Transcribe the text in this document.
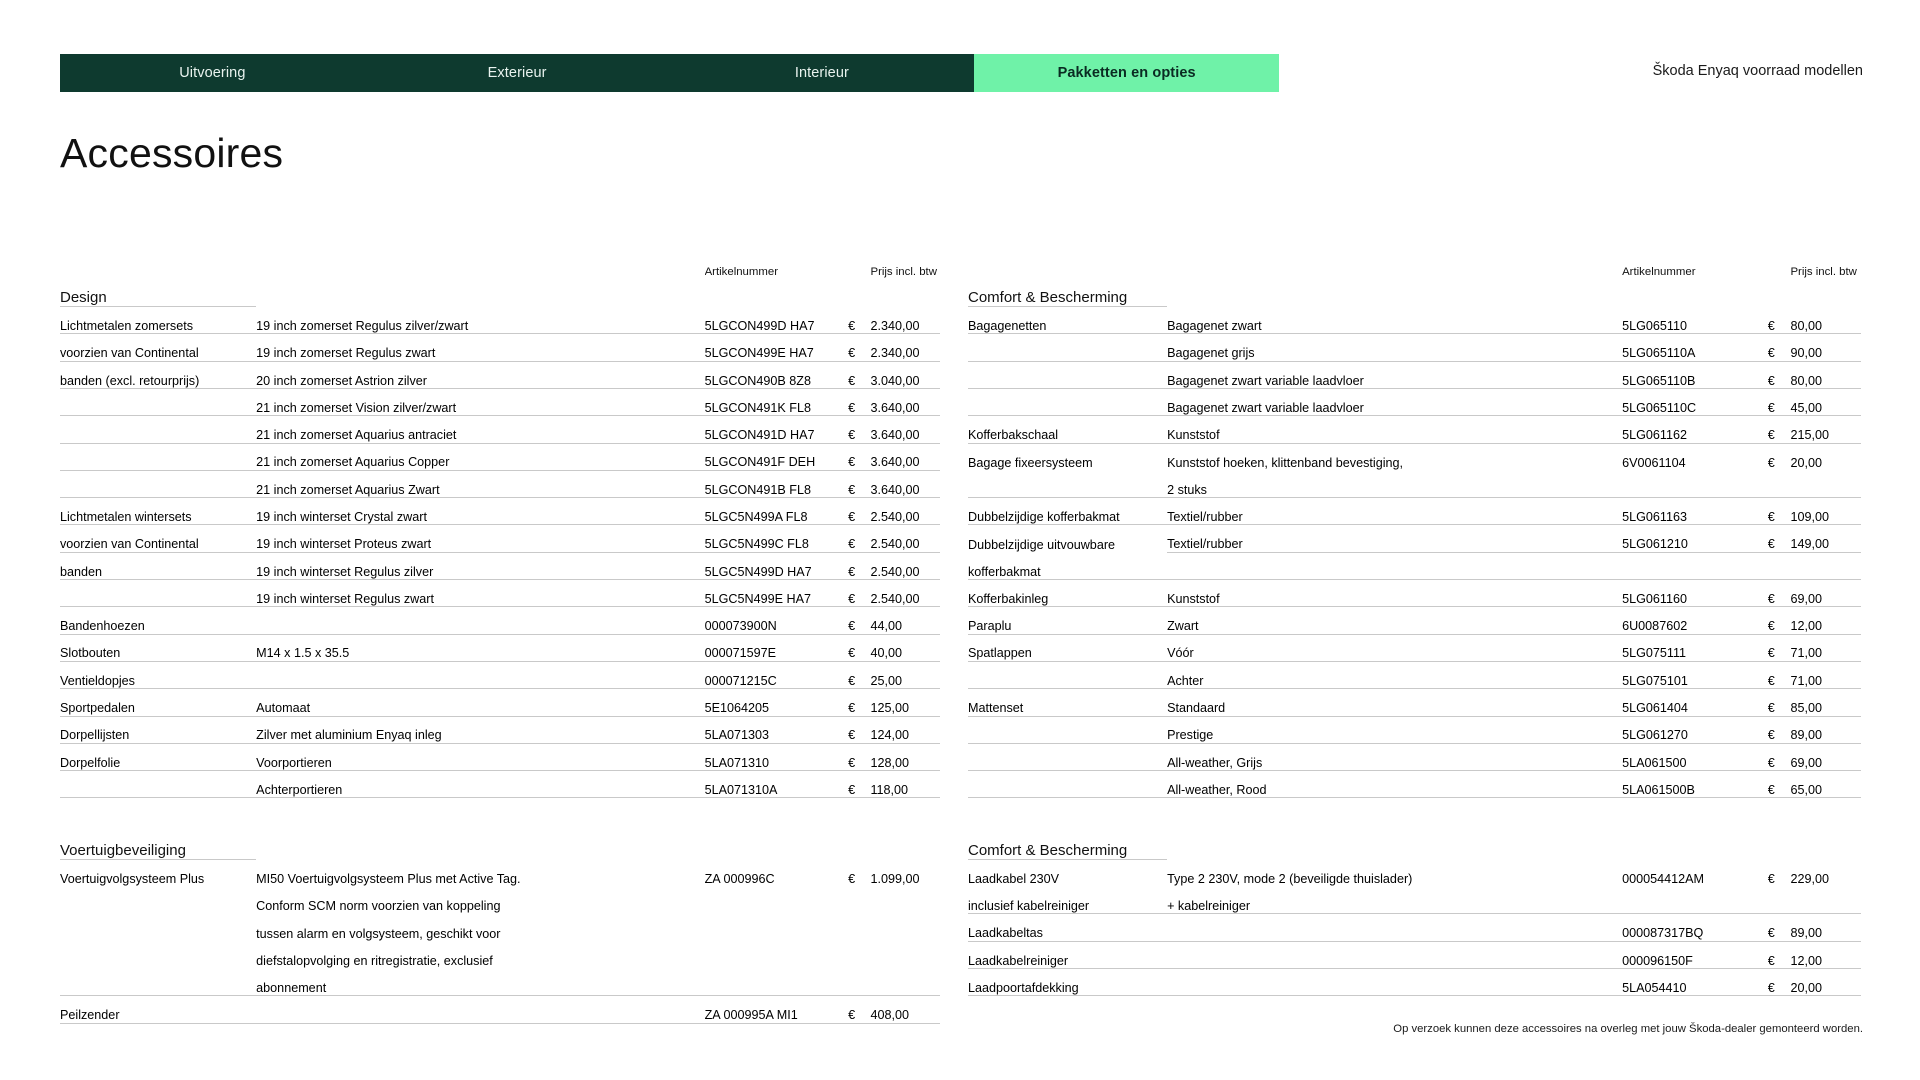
Uitvoering	Exterieur	Interieur	Pakketten en opties	Škoda Enyaq voorraad modellen
Accessoires
			Artikelnummer		Prijs incl. btw
Design					
Lichtmetalen zomersets	19 inch zomerset Regulus zilver/zwart		5LGCON499D HA7	€	2.340,00
voorzien van Continental	19 inch zomerset Regulus zwart		5LGCON499E HA7	€	2.340,00
banden (excl. retourprijs)	20 inch zomerset Astrion zilver		5LGCON490B 8Z8	€	3.040,00
	21 inch zomerset Vision zilver/zwart		5LGCON491K FL8	€	3.640,00
	21 inch zomerset Aquarius antraciet		5LGCON491D HA7	€	3.640,00
	21 inch zomerset Aquarius Copper		5LGCON491F DEH	€	3.640,00
	21 inch zomerset Aquarius Zwart		5LGCON491B FL8	€	3.640,00
Lichtmetalen wintersets	19 inch winterset Crystal zwart		5LGC5N499A FL8	€	2.540,00
voorzien van Continental	19 inch winterset Proteus zwart		5LGC5N499C FL8	€	2.540,00
banden	19 inch winterset Regulus zilver		5LGC5N499D HA7	€	2.540,00
	19 inch winterset Regulus zwart		5LGC5N499E HA7	€	2.540,00
Bandenhoezen			000073900N	€	44,00
Slotbouten	M14 x 1.5 x 35.5		000071597E	€	40,00
Ventieldopjes			000071215C	€	25,00
Sportpedalen	Automaat		5E1064205	€	125,00
Dorpellijsten	Zilver met aluminium Enyaq inleg		5LA071303	€	124,00
Dorpelfolie	Voorportieren		5LA071310	€	128,00
	Achterportieren		5LA071310A	€	118,00
Voertuigbeveiliging					
Voertuigvolgsysteem Plus	MI50 Voertuigvolgsysteem Plus met Active Tag.		ZA 000996C	€	1.099,00
	Conform SCM norm voorzien van koppeling				
	tussen alarm en volgsysteem, geschikt voor				
	diefstalopvolging en ritregistratie, exclusief				
	abonnement				
Peilzender			ZA 000995A MI1	€	408,00
			Artikelnummer		Prijs incl. btw
Comfort & Bescherming					
Bagagenetten	Bagagenet zwart		5LG065110	€	80,00
	Bagagenet grijs		5LG065110A	€	90,00
	Bagagenet zwart variable laadvloer		5LG065110B	€	80,00
	Bagagenet zwart variable laadvloer		5LG065110C	€	45,00
Kofferbakschaal	Kunststof		5LG061162	€	215,00
Bagage fixeersysteem	Kunststof hoeken, klittenband bevestiging,		6V0061104	€	20,00
	2 stuks				
Dubbelzijdige kofferbakmat	Textiel/rubber		5LG061163	€	109,00
Dubbelzijdige uitvouwbare	Textiel/rubber		5LG061210	€	149,00
kofferbakmat					
Kofferbakinleg	Kunststof		5LG061160	€	69,00
Paraplu	Zwart		6U0087602	€	12,00
Spatlappen	Vóór		5LG075111	€	71,00
	Achter		5LG075101	€	71,00
Mattenset	Standaard		5LG061404	€	85,00
	Prestige		5LG061270	€	89,00
	All-weather, Grijs		5LA061500	€	69,00
	All-weather, Rood		5LA061500B	€	65,00
Comfort & Bescherming					
Laadkabel 230V	Type 2 230V, mode 2 (beveiligde thuislader)		000054412AM	€	229,00
inclusief kabelreiniger	+ kabelreiniger				
Laadkabeltas			000087317BQ	€	89,00
Laadkabelreiniger			000096150F	€	12,00
Laadpoortafdekking			5LA054410	€	20,00
Op verzoek kunnen deze accessoires na overleg met jouw Škoda-dealer gemonteerd worden.
